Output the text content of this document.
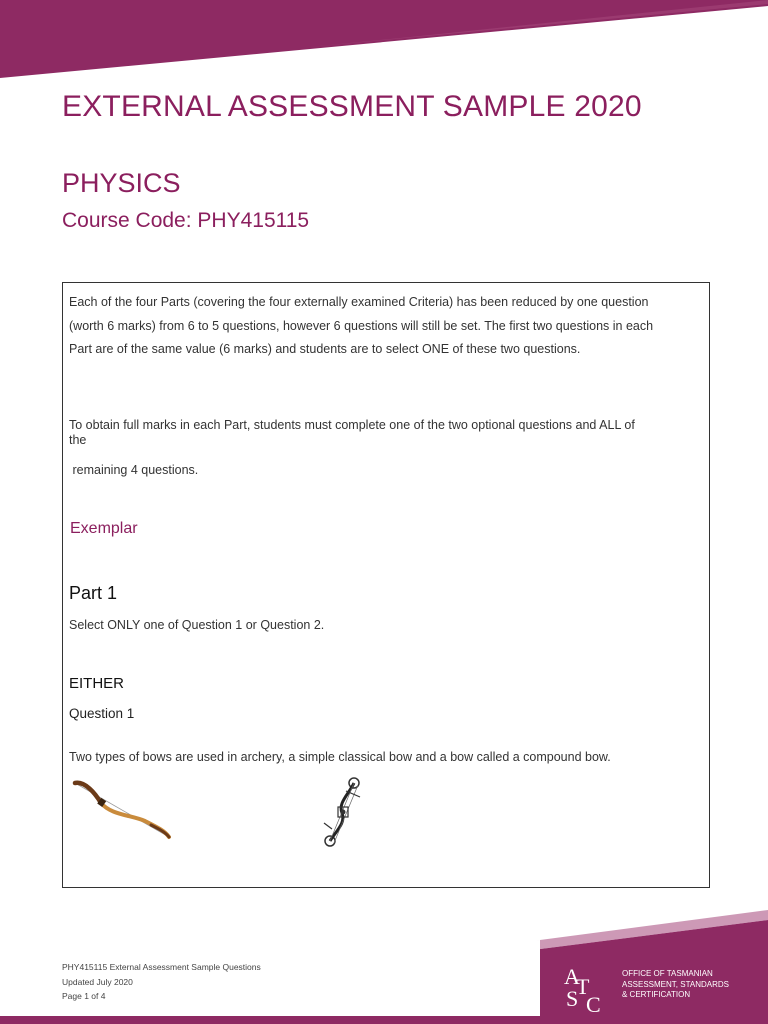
EXTERNAL ASSESSMENT SAMPLE 2020
PHYSICS
Course Code: PHY415115
Each of the four Parts (covering the four externally examined Criteria) has been reduced by one question (worth 6 marks) from 6 to 5 questions, however 6 questions will still be set. The first two questions in each Part are of the same value (6 marks) and students are to select ONE of these two questions.
To obtain full marks in each Part, students must complete one of the two optional questions and ALL of the
remaining 4 questions.
Exemplar
Part 1
Select ONLY one of Question 1 or Question 2.
EITHER
Question 1
Two types of bows are used in archery, a simple classical bow and a bow called a compound bow.
PHY415115 External Assessment Sample Questions
Updated July 2020
Page 1 of 4
A
T
S C
OFFICE OF TASMANIAN
ASSESSMENT, STANDARDS
& CERTIFICATION
